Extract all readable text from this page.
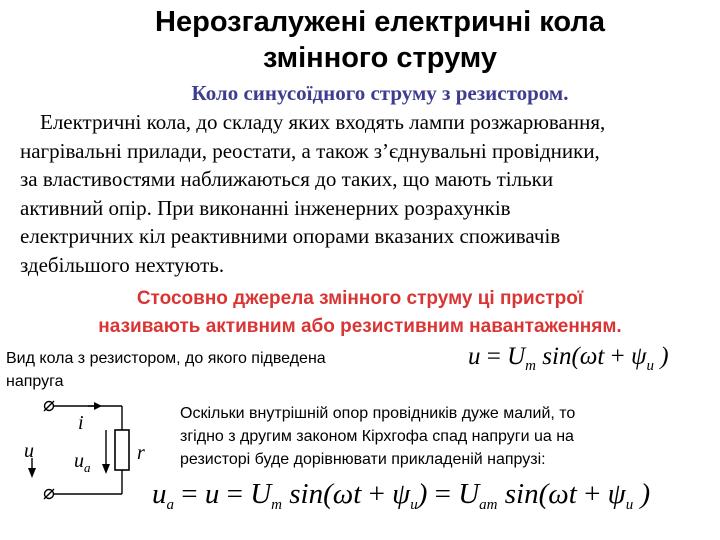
Нерозгалужені електричні кола
змінного струму
Коло синусоїдного струму з резистором.
Електричні кола, до складу яких входять лампи розжарювання,
нагрівальні прилади, реостати, а також з’єднувальні провідники,
за властивостями наближаються до таких, що мають тільки
активний опір. При виконанні інженерних розрахунків
електричних кіл реактивними опорами вказаних споживачів
здебільшого нехтують.
Стосовно джерела змінного струму ці пристрої
називають активним або резистивним навантаженням.
Вид кола з резистором, до якого підведена
напруга
$u = U_m$ $\sin(\omega t + \psi_u$ )
u
i
$u_а$
r
Оскільки внутрішній опор провідників дуже малий, то
згідно з другим законом Кірхгофа спад напруги uа на
резисторі буде дорівнювати прикладеній напрузі:
$u_a = u = U_m$ $\sin(\omega t + \psi_u) = U_{am}$ $\sin(\omega t + \psi_u$ )
